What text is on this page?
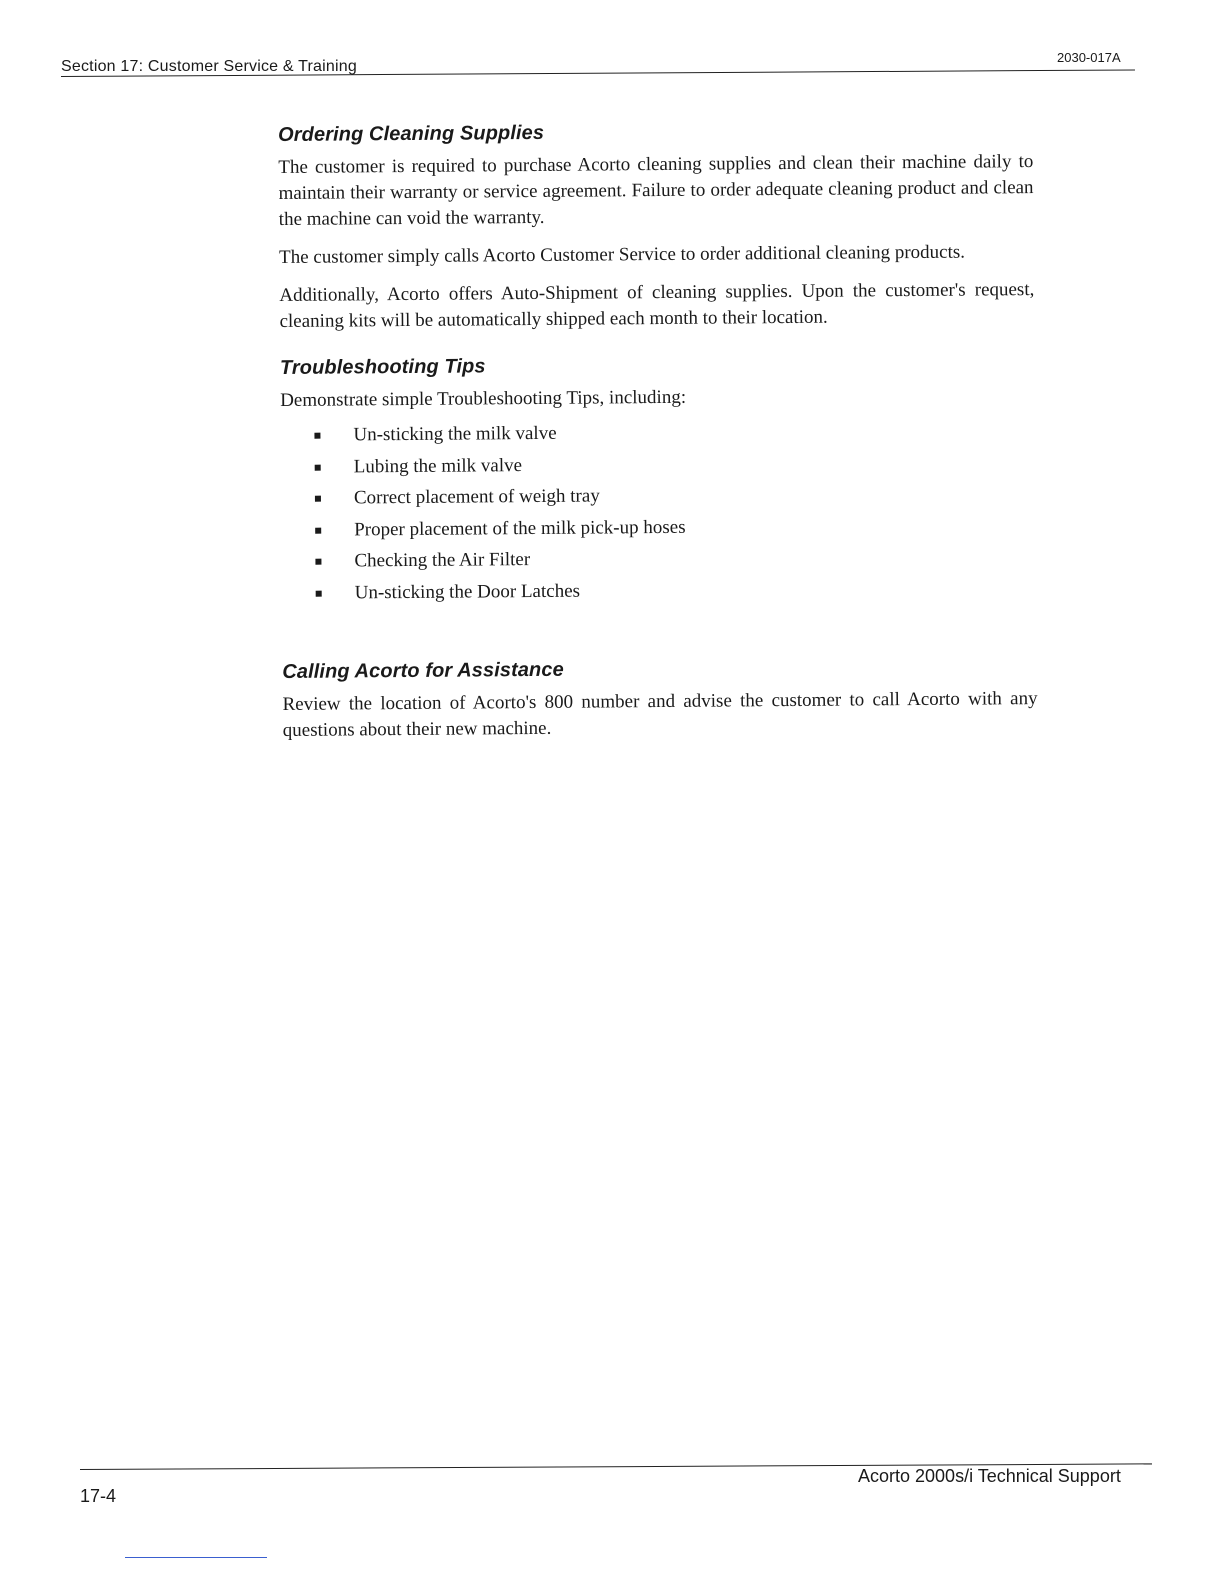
Section 17: Customer Service & Training
2030-017A
Ordering Cleaning Supplies

The customer is required to purchase Acorto cleaning supplies and clean their machine daily to maintain their warranty or service agreement. Failure to order adequate cleaning product and clean the machine can void the warranty.

The customer simply calls Acorto Customer Service to order additional cleaning products.

Additionally, Acorto offers Auto-Shipment of cleaning supplies. Upon the customer's request, cleaning kits will be automatically shipped each month to their location.

Troubleshooting Tips

Demonstrate simple Troubleshooting Tips, including:

Un-sticking the milk valve
Lubing the milk valve
Correct placement of weigh tray
Proper placement of the milk pick-up hoses
Checking the Air Filter
Un-sticking the Door Latches
Calling Acorto for Assistance

Review the location of Acorto's 800 number and advise the customer to call Acorto with any questions about their new machine.

17-4
Acorto 2000s/i Technical Support
